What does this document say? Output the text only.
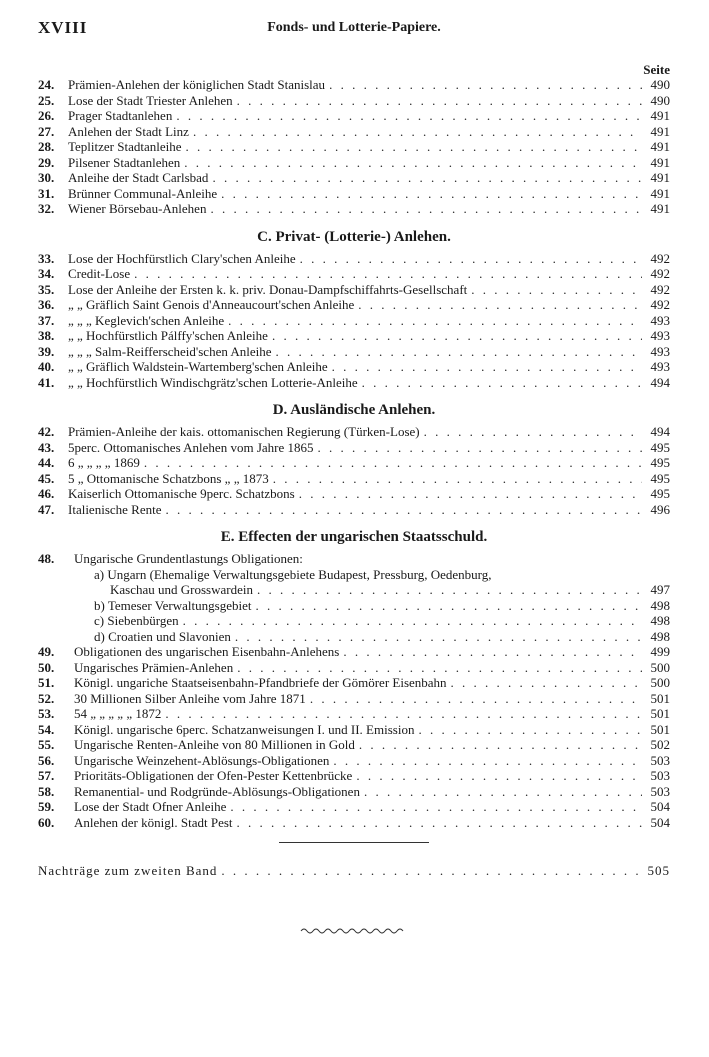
XVIII	Fonds- und Lotterie-Papiere.
Seite
24.	Prämien-Anlehen der königlichen Stadt Stanislau . . .	490
25.	Lose der Stadt Triester Anlehen . . .	490
26.	Prager Stadtanlehen . . .	491
27.	Anlehen der Stadt Linz . . .	491
28.	Teplitzer Stadtanleihe . . .	491
29.	Pilsener Stadtanlehen . . .	491
30.	Anleihe der Stadt Carlsbad . . .	491
31.	Brünner Communal-Anleihe . . .	491
32.	Wiener Börsebau-Anlehen . . .	491
C. Privat- (Lotterie-) Anlehen.
33.	Lose der Hochfürstlich Clary'schen Anleihe . . .	492
34.	Credit-Lose . . .	492
35.	Lose der Anleihe der Ersten k. k. priv. Donau-Dampfschiffahrts-Gesellschaft . . .	492
36.	„ „ Gräflich Saint Genois d'Anneaucourt'schen Anleihe . . .	492
37.	„ „ „ Keglevich'schen Anleihe . . .	493
38.	„ „ Hochfürstlich Pálffy'schen Anleihe . . .	493
39.	„ „ „ Salm-Reifferscheid'schen Anleihe . . .	493
40.	„ „ Gräflich Waldstein-Wartemberg'schen Anleihe . . .	493
41.	„ „ Hochfürstlich Windischgrätz'schen Lotterie-Anleihe . . .	494
D. Ausländische Anlehen.
42.	Prämien-Anleihe der kais. ottomanischen Regierung (Türken-Lose) . . .	494
43.	5perc. Ottomanisches Anlehen vom Jahre 1865 . . .	495
44.	6 „ „ „ „ 1869 . . .	495
45.	5 „ Ottomanische Schatzbons „ „ 1873 . . .	495
46.	Kaiserlich Ottomanische 9perc. Schatzbons . . .	495
47.	Italienische Rente . . .	496
E. Effecten der ungarischen Staatsschuld.
48.	Ungarische Grundentlastungs Obligationen:
a) Ungarn (Ehemalige Verwaltungsgebiete Budapest, Pressburg, Oedenburg,
Kaschau und Grosswardein . . .	497
b) Temeser Verwaltungsgebiet . . .	498
c) Siebenbürgen . . .	498
d) Croatien und Slavonien . . .	498
49.	Obligationen des ungarischen Eisenbahn-Anlehens . . .	499
50.	Ungarisches Prämien-Anlehen . . .	500
51.	Königl. ungariche Staatseisenbahn-Pfandbriefe der Gömörer Eisenbahn . . .	500
52.	30 Millionen Silber Anleihe vom Jahre 1871 . . .	501
53.	54 „ „ „ „ „ 1872 . . .	501
54.	Königl. ungarische 6perc. Schatzanweisungen I. und II. Emission . . .	501
55.	Ungarische Renten-Anleihe von 80 Millionen in Gold . . .	502
56.	Ungarische Weinzehent-Ablösungs-Obligationen . . .	503
57.	Prioritäts-Obligationen der Ofen-Pester Kettenbrücke . . .	503
58.	Remanential- und Rodgründe-Ablösungs-Obligationen . . .	503
59.	Lose der Stadt Ofner Anleihe . . .	504
60.	Anlehen der königl. Stadt Pest . . .	504
Nachträge zum zweiten Band . . .	505
